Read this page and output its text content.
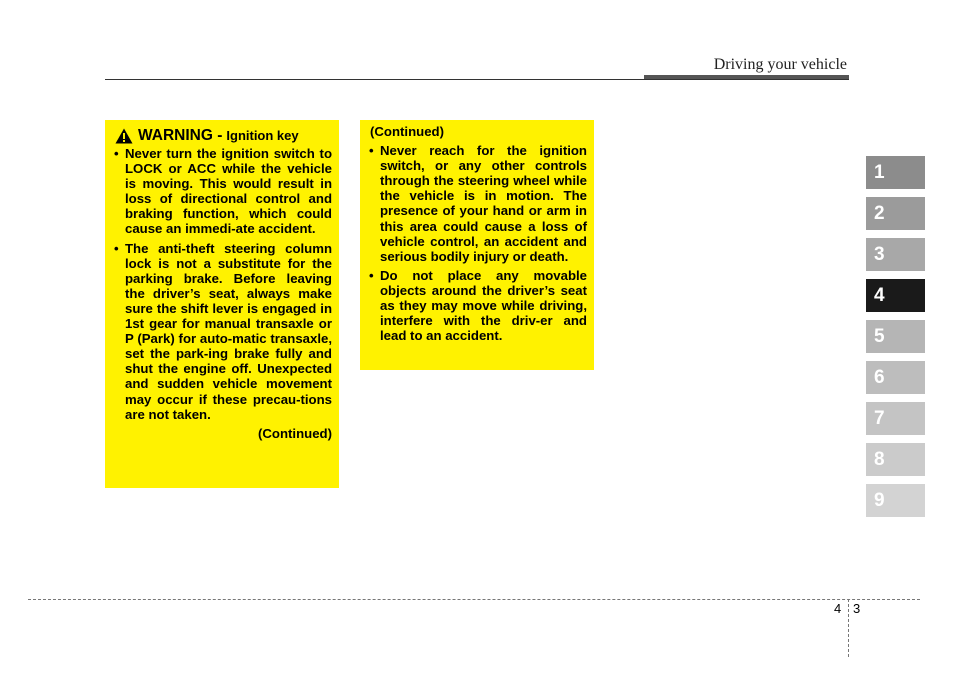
Driving your vehicle
WARNING - Ignition key
• Never turn the ignition switch to LOCK or ACC while the vehicle is moving. This would result in loss of directional control and braking function, which could cause an immedi-ate accident.
• The anti-theft steering column lock is not a substitute for the parking brake. Before leaving the driver’s seat, always make sure the shift lever is engaged in 1st gear for manual transaxle or P (Park) for auto-matic transaxle, set the park-ing brake fully and shut the engine off. Unexpected and sudden vehicle movement may occur if these precau-tions are not taken.
(Continued)
(Continued)
• Never reach for the ignition switch, or any other controls through the steering wheel while the vehicle is in motion. The presence of your hand or arm in this area could cause a loss of vehicle control, an accident and serious bodily injury or death.
• Do not place any movable objects around the driver’s seat as they may move while driving, interfere with the driv-er and lead to an accident.
1
2
3
4
5
6
7
8
9
4 3
